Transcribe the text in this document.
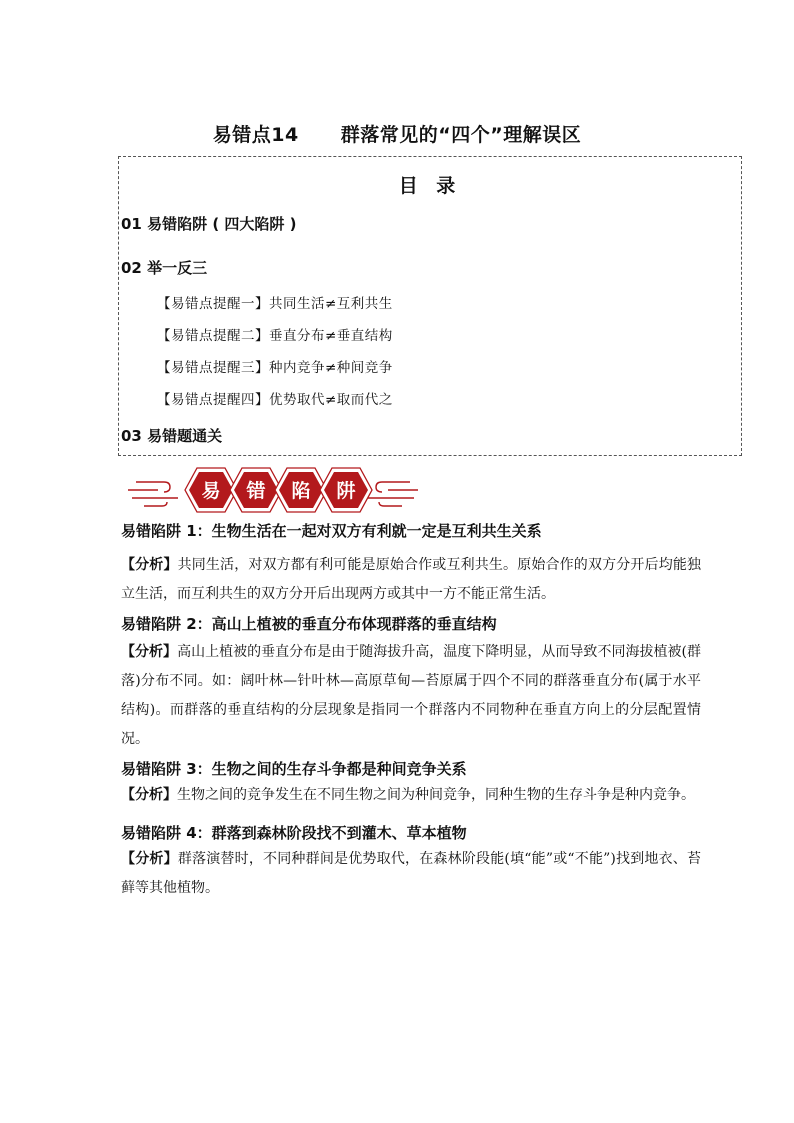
易错点14 群落常见的“四个”理解误区
目 录
01 易错陷阱 ( 四大陷阱 )
02 举一反三
【易错点提醒一】共同生活≠互利共生
【易错点提醒二】垂直分布≠垂直结构
【易错点提醒三】种内竞争≠种间竞争
【易错点提醒四】优势取代≠取而代之
03 易错题通关
易 错 陷 阱

易错陷阱 1：生物生活在一起对双方有利就一定是互利共生关系

【分析】共同生活，对双方都有利可能是原始合作或互利共生。原始合作的双方分开后均能独立生活，而互利共生的双方分开后出现两方或其中一方不能正常生活。

易错陷阱 2：高山上植被的垂直分布体现群落的垂直结构

【分析】高山上植被的垂直分布是由于随海拔升高，温度下降明显，从而导致不同海拔植被(群落)分布不同。如：阔叶林—针叶林—高原草甸—苔原属于四个不同的群落垂直分布(属于水平结构)。而群落的垂直结构的分层现象是指同一个群落内不同物种在垂直方向上的分层配置情况。

易错陷阱 3：生物之间的生存斗争都是种间竞争关系

【分析】生物之间的竞争发生在不同生物之间为种间竞争，同种生物的生存斗争是种内竞争。

易错陷阱 4：群落到森林阶段找不到灌木、草本植物

【分析】群落演替时，不同种群间是优势取代，在森林阶段能(填“能”或“不能”)找到地衣、苔藓等其他植物。
